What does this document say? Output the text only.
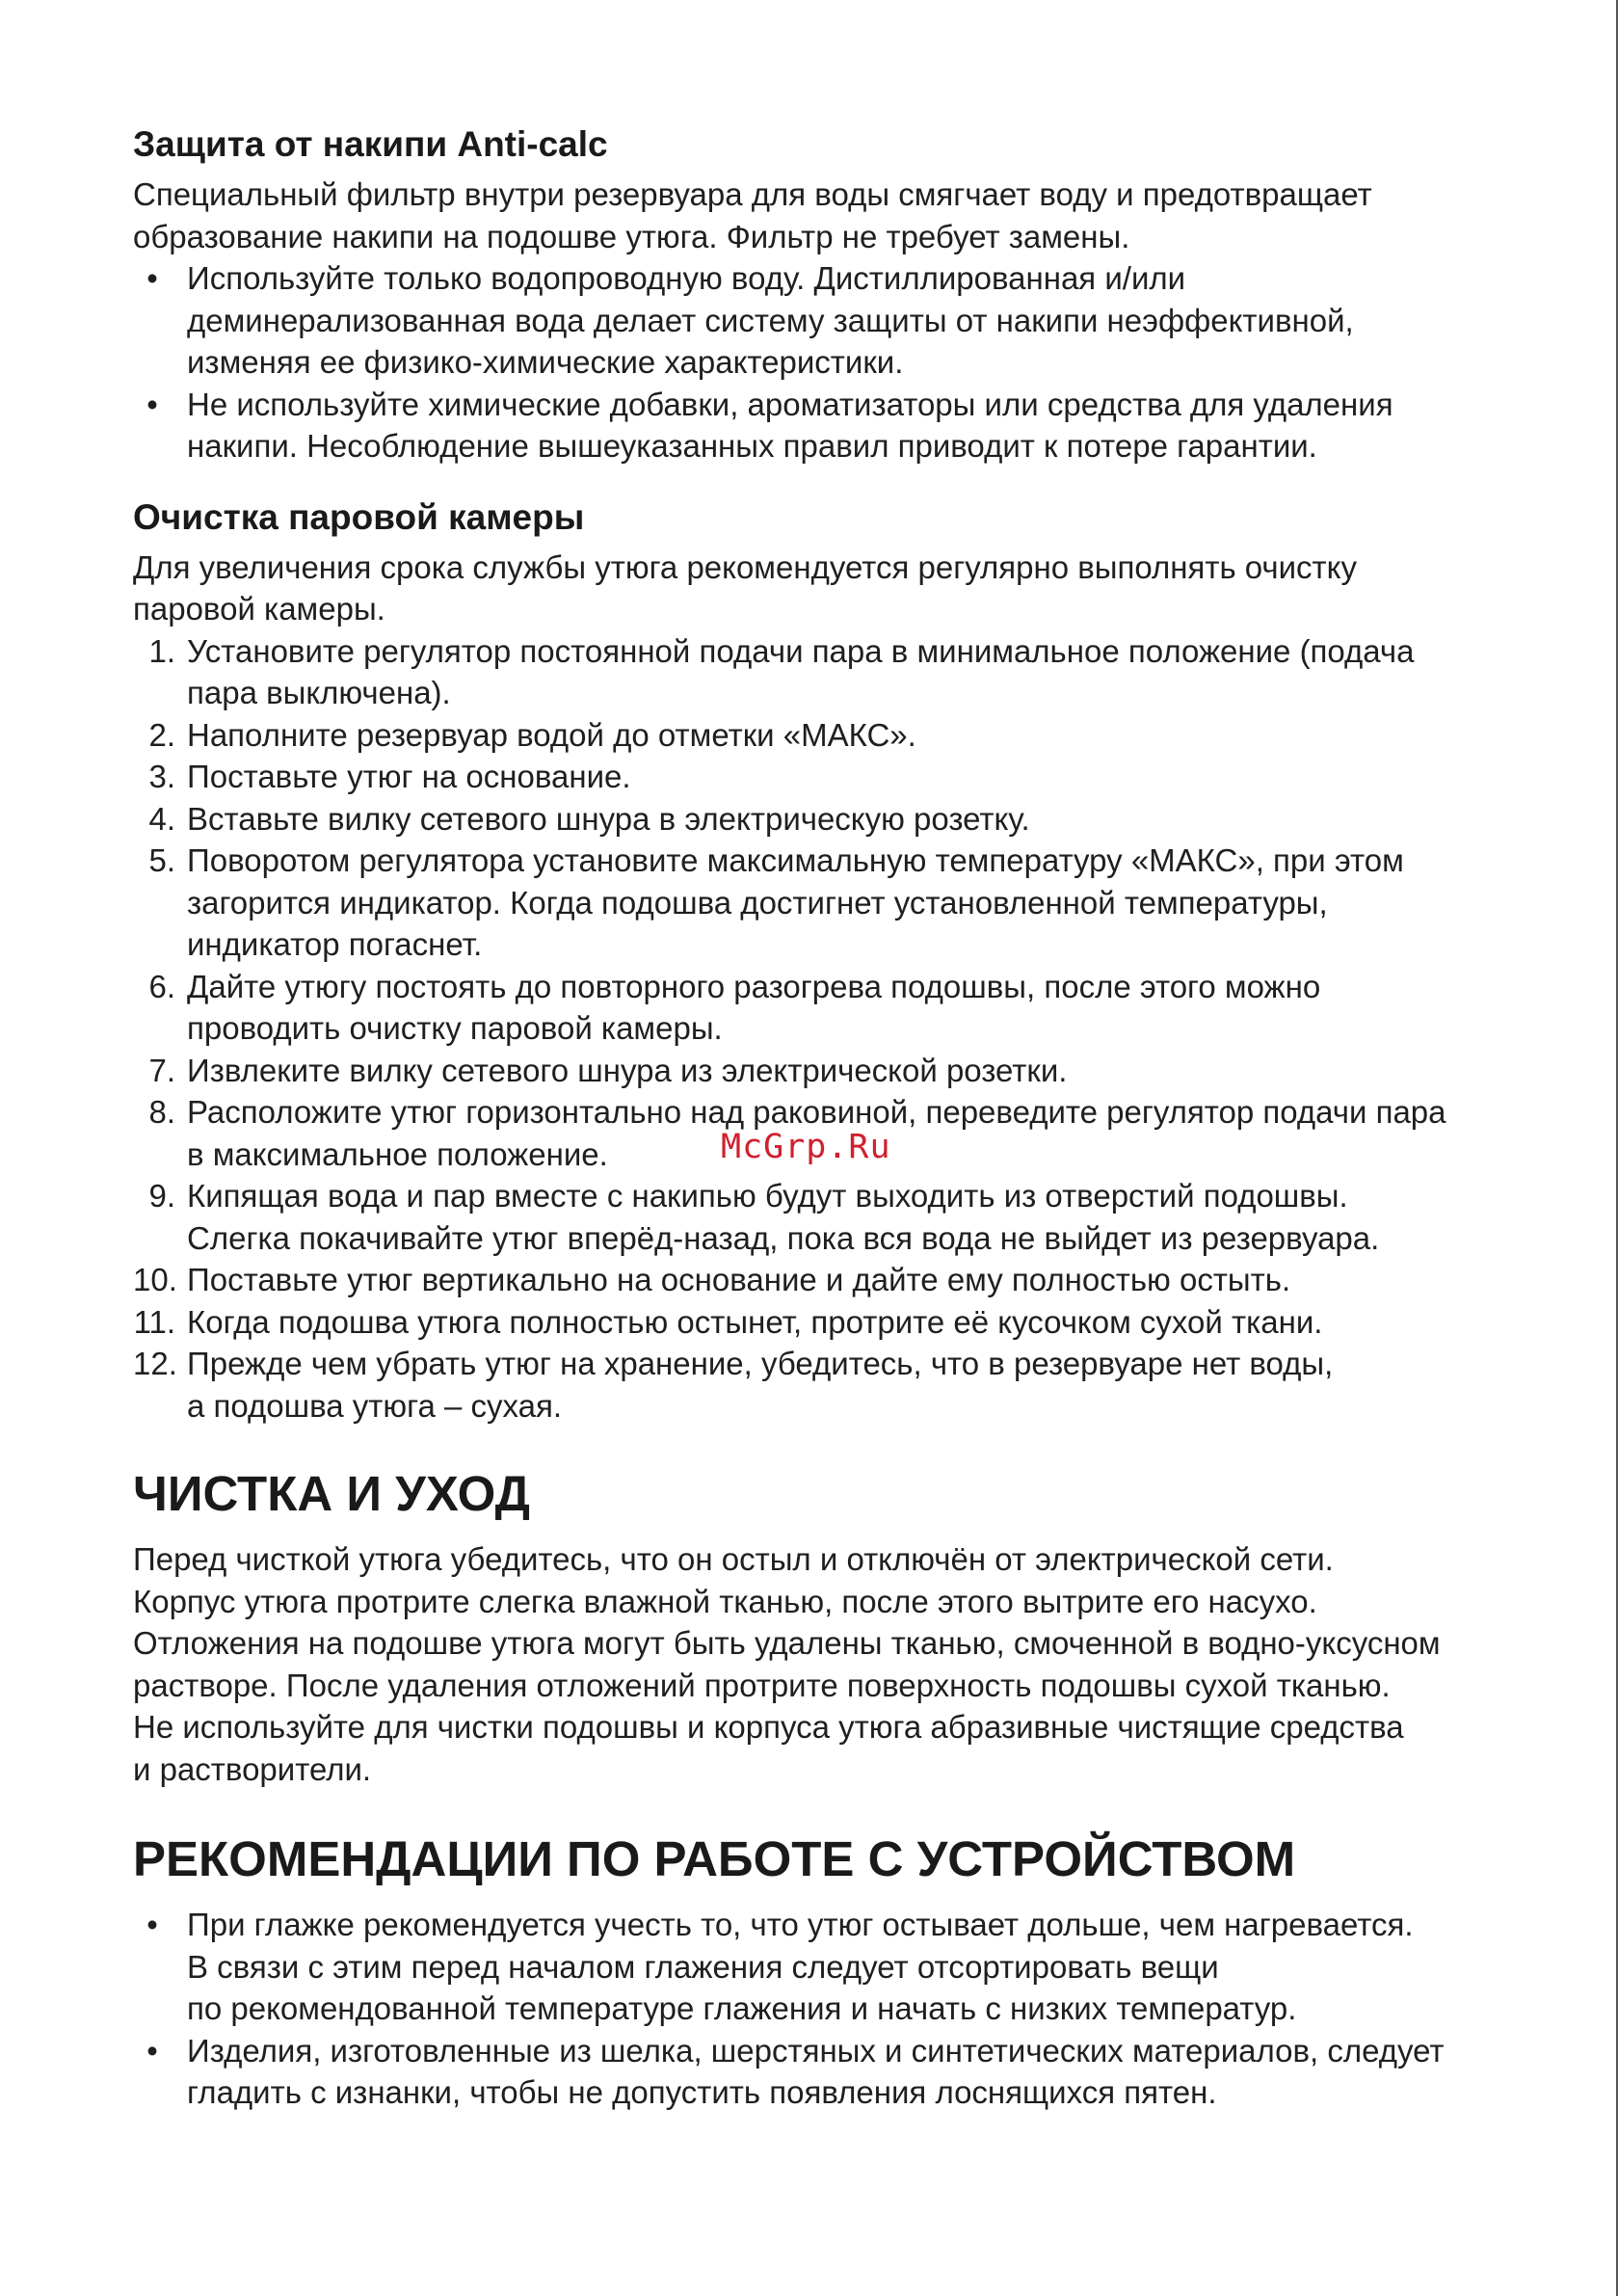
Защита от накипи Anti-calc

Специальный фильтр внутри резервуара для воды смягчает воду и предотвращает
образование накипи на подошве утюга. Фильтр не требует замены.

• Используйте только водопроводную воду. Дистиллированная и/или
деминерализованная вода делает систему защиты от накипи неэффективной,
изменяя ее физико-химические характеристики.
• Не используйте химические добавки, ароматизаторы или средства для удаления
накипи. Несоблюдение вышеуказанных правил приводит к потере гарантии.
Очистка паровой камеры

Для увеличения срока службы утюга рекомендуется регулярно выполнять очистку
паровой камеры.

1. Установите регулятор постоянной подачи пара в минимальное положение (подача
пара выключена).
2. Наполните резервуар водой до отметки «МАКС».
3. Поставьте утюг на основание.
4. Вставьте вилку сетевого шнура в электрическую розетку.
5. Поворотом регулятора установите максимальную температуру «МАКС», при этом
загорится индикатор. Когда подошва достигнет установленной температуры,
индикатор погаснет.
6. Дайте утюгу постоять до повторного разогрева подошвы, после этого можно
проводить очистку паровой камеры.
7. Извлеките вилку сетевого шнура из электрической розетки.
8. Расположите утюг горизонтально над раковиной, переведите регулятор подачи пара
в максимальное положение.
9. Кипящая вода и пар вместе с накипью будут выходить из отверстий подошвы.
Слегка покачивайте утюг вперёд-назад, пока вся вода не выйдет из резервуара.
10. Поставьте утюг вертикально на основание и дайте ему полностью остыть.
11. Когда подошва утюга полностью остынет, протрите её кусочком сухой ткани.
12. Прежде чем убрать утюг на хранение, убедитесь, что в резервуаре нет воды,
а подошва утюга – сухая.
ЧИСТКА И УХОД

Перед чисткой утюга убедитесь, что он остыл и отключён от электрической сети.
Корпус утюга протрите слегка влажной тканью, после этого вытрите его насухо.
Отложения на подошве утюга могут быть удалены тканью, смоченной в водно-уксусном
растворе. После удаления отложений протрите поверхность подошвы сухой тканью.
Не используйте для чистки подошвы и корпуса утюга абразивные чистящие средства
и растворители.

РЕКОМЕНДАЦИИ ПО РАБОТЕ С УСТРОЙСТВОМ
• При глажке рекомендуется учесть то, что утюг остывает дольше, чем нагревается.
В связи с этим перед началом глажения следует отсортировать вещи
по рекомендованной температуре глажения и начать с низких температур.
• Изделия, изготовленные из шелка, шерстяных и синтетических материалов, следует
гладить с изнанки, чтобы не допустить появления лоснящихся пятен.
McGrp.Ru
